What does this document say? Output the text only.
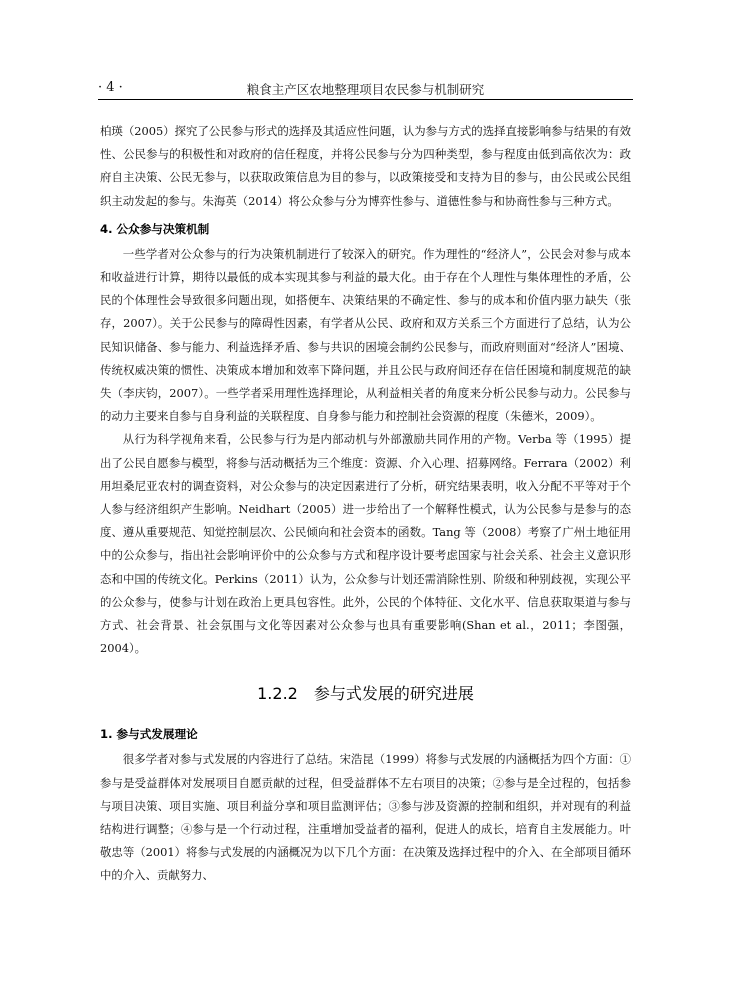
· 4 ·	粮食主产区农地整理项目农民参与机制研究

柏瑛（2005）探究了公民参与形式的选择及其适应性问题，认为参与方式的选择直接影响参与结果的有效性、公民参与的积极性和对政府的信任程度，并将公民参与分为四种类型，参与程度由低到高依次为：政府自主决策、公民无参与，以获取政策信息为目的参与，以政策接受和支持为目的参与，由公民或公民组织主动发起的参与。朱海英（2014）将公众参与分为博弈性参与、道德性参与和协商性参与三种方式。

4. 公众参与决策机制

一些学者对公众参与的行为决策机制进行了较深入的研究。作为理性的“经济人”，公民会对参与成本和收益进行计算，期待以最低的成本实现其参与利益的最大化。由于存在个人理性与集体理性的矛盾，公民的个体理性会导致很多问题出现，如搭便车、决策结果的不确定性、参与的成本和价值内驱力缺失（张存，2007）。关于公民参与的障碍性因素，有学者从公民、政府和双方关系三个方面进行了总结，认为公民知识储备、参与能力、利益选择矛盾、参与共识的困境会制约公民参与，而政府则面对“经济人”困境、传统权威决策的惯性、决策成本增加和效率下降问题，并且公民与政府间还存在信任困境和制度规范的缺失（李庆钧，2007）。一些学者采用理性选择理论，从利益相关者的角度来分析公民参与动力。公民参与的动力主要来自参与自身利益的关联程度、自身参与能力和控制社会资源的程度（朱德米，2009）。

从行为科学视角来看，公民参与行为是内部动机与外部激励共同作用的产物。Verba 等（1995）提出了公民自愿参与模型，将参与活动概括为三个维度：资源、介入心理、招募网络。Ferrara（2002）利用坦桑尼亚农村的调查资料，对公众参与的决定因素进行了分析，研究结果表明，收入分配不平等对于个人参与经济组织产生影响。Neidhart（2005）进一步给出了一个解释性模式，认为公民参与是参与的态度、遵从重要规范、知觉控制层次、公民倾向和社会资本的函数。Tang 等（2008）考察了广州土地征用中的公众参与，指出社会影响评价中的公众参与方式和程序设计要考虑国家与社会关系、社会主义意识形态和中国的传统文化。Perkins（2011）认为，公众参与计划还需消除性别、阶级和种别歧视，实现公平的公众参与，使参与计划在政治上更具包容性。此外，公民的个体特征、文化水平、信息获取渠道与参与方式、社会背景、社会氛围与文化等因素对公众参与也具有重要影响(Shan et al.，2011；李图强，2004）。

1.2.2 参与式发展的研究进展
1. 参与式发展理论

很多学者对参与式发展的内容进行了总结。宋浩昆（1999）将参与式发展的内涵概括为四个方面：①参与是受益群体对发展项目自愿贡献的过程，但受益群体不左右项目的决策；②参与是全过程的，包括参与项目决策、项目实施、项目利益分享和项目监测评估；③参与涉及资源的控制和组织，并对现有的利益结构进行调整；④参与是一个行动过程，注重增加受益者的福利，促进人的成长，培育自主发展能力。叶敬忠等（2001）将参与式发展的内涵概况为以下几个方面：在决策及选择过程中的介入、在全部项目循环中的介入、贡献努力、
